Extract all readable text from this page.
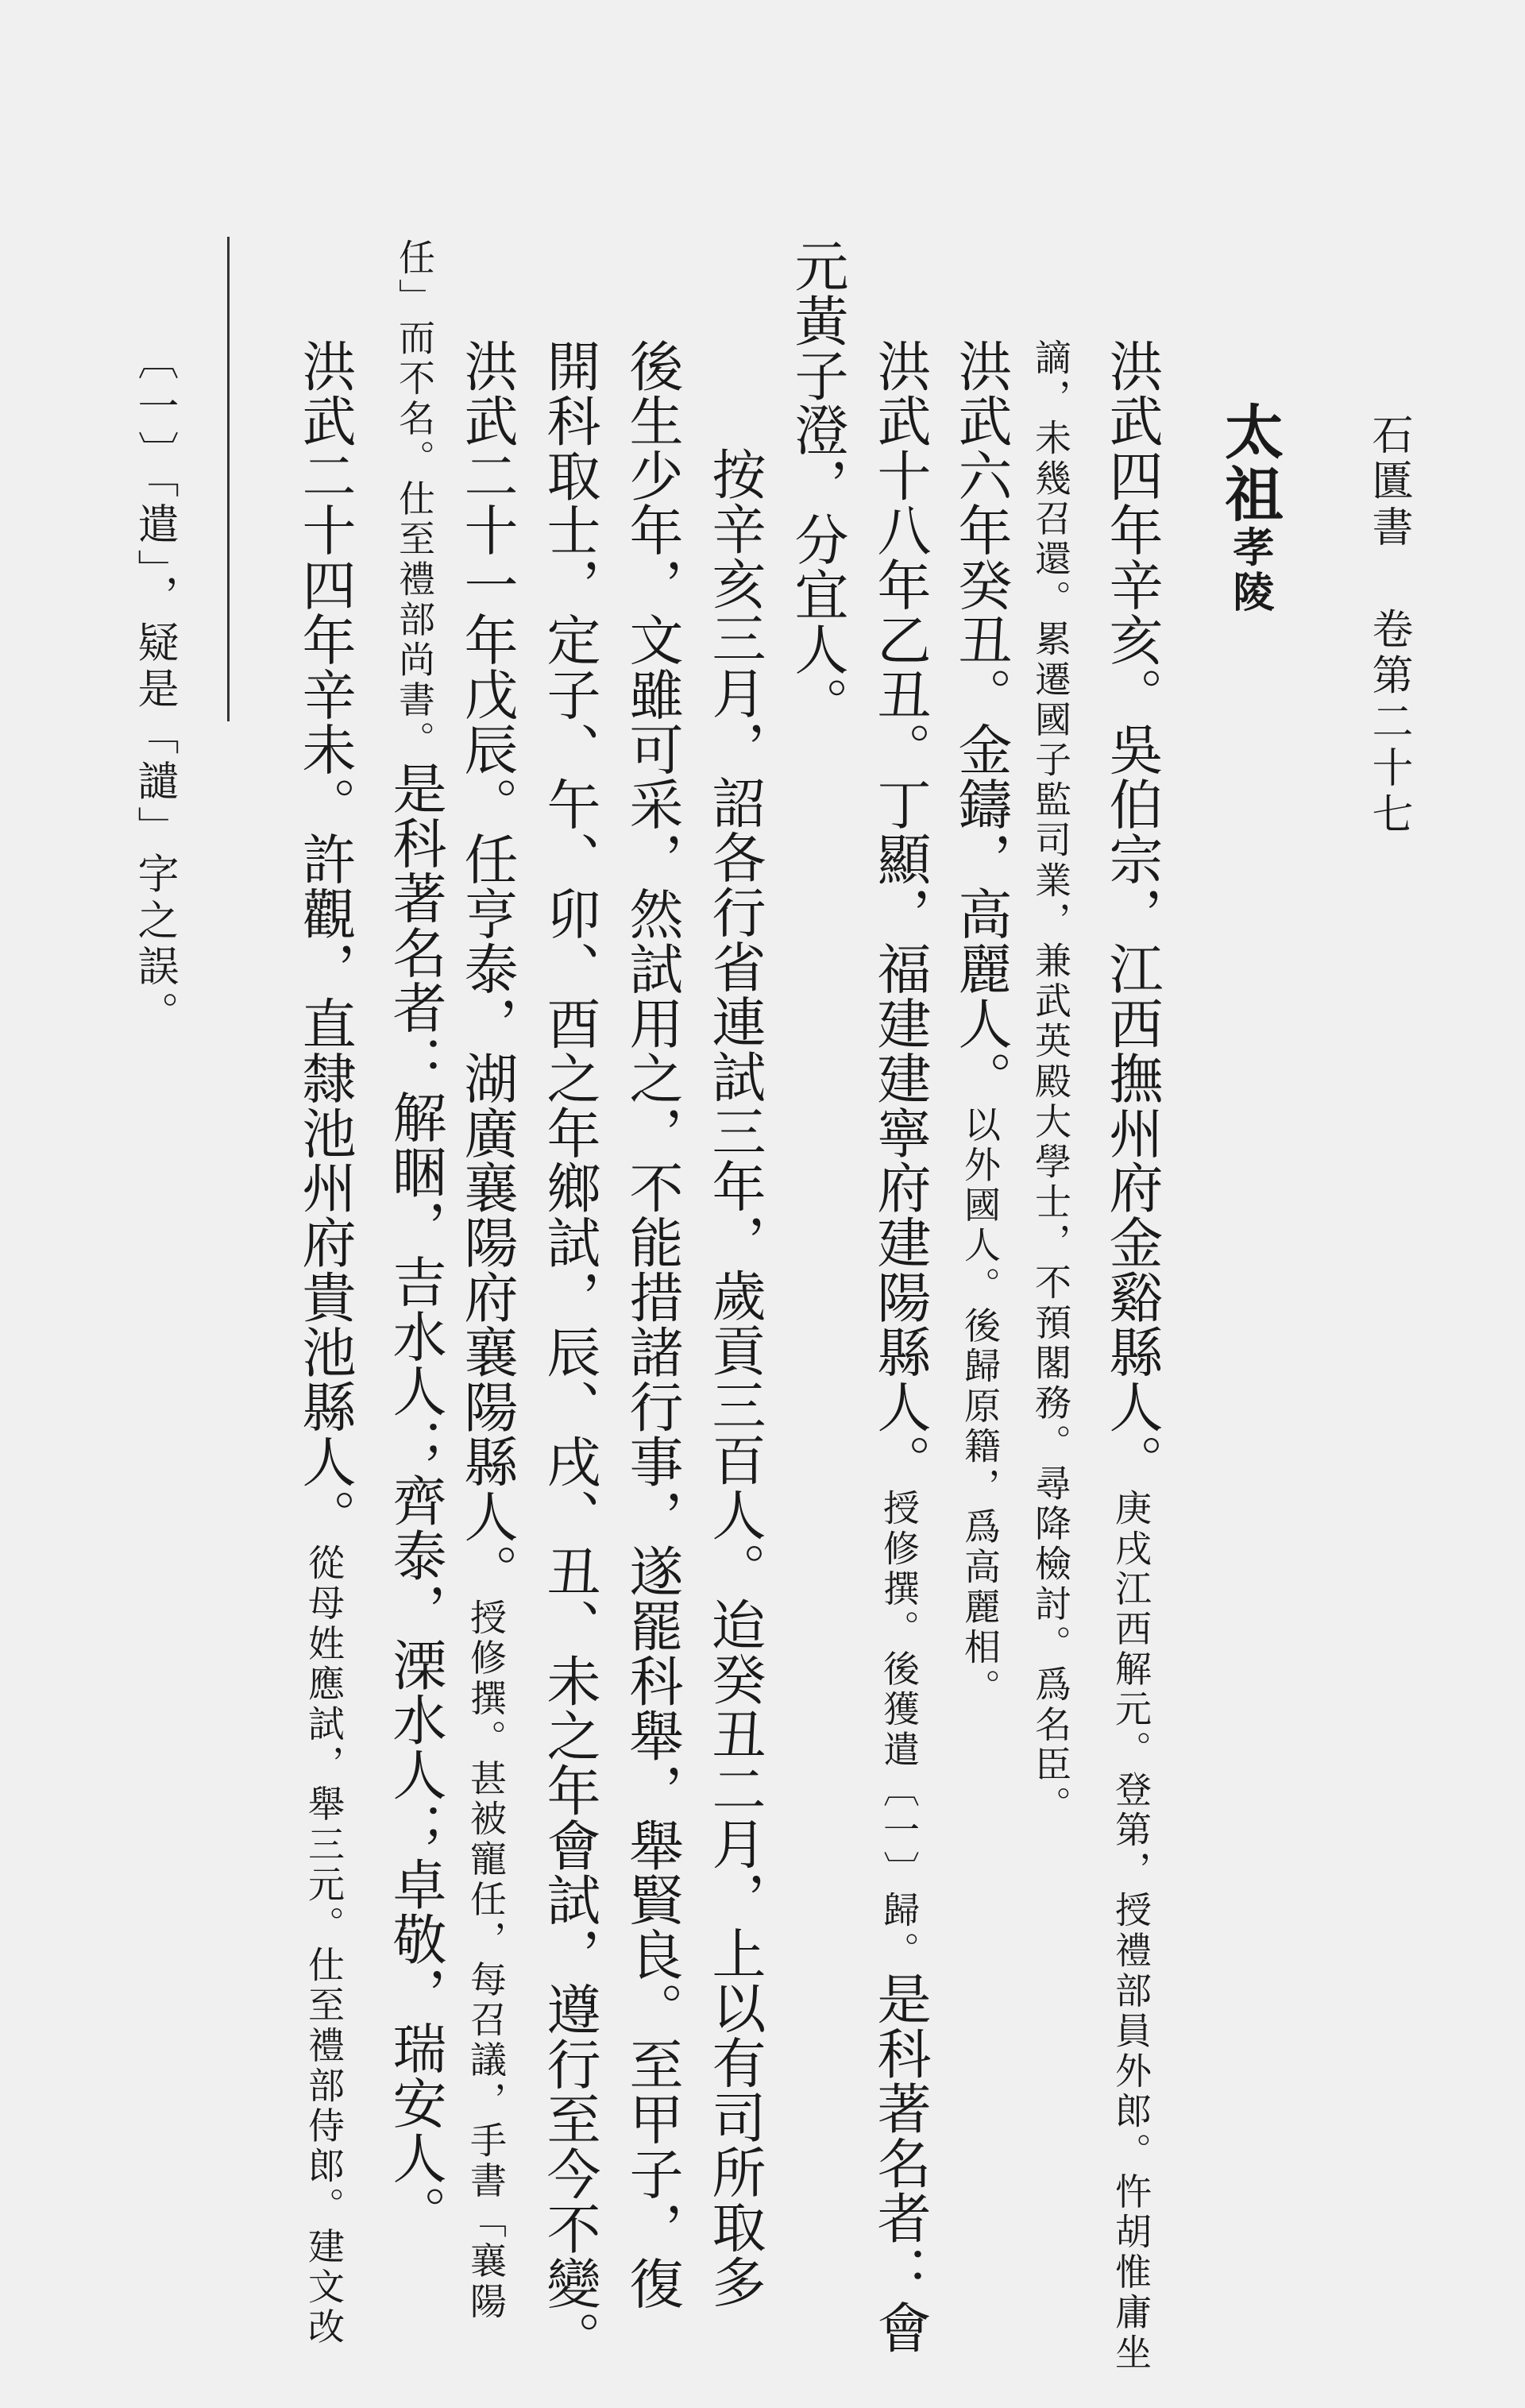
石匱書卷第二十七
太祖孝陵
洪武四年辛亥。吳伯宗，江西撫州府金谿縣人。庚戌江西解元。登第，授禮部員外郎。忤胡惟庸坐
謫，未幾召還。累遷國子監司業，兼武英殿大學士，不預閣務。尋降檢討。爲名臣。
洪武六年癸丑。金鑄，高麗人。以外國人。後歸原籍，爲高麗相。
洪武十八年乙丑。丁顯，福建建寧府建陽縣人。授修撰。後獲遣〔一〕歸。是科著名者：會
元黃子澄，分宜人。
按辛亥三月，詔各行省連試三年，歲貢三百人。迨癸丑二月，上以有司所取多
後生少年，文雖可采，然試用之，不能措諸行事，遂罷科舉，舉賢良。至甲子，復
開科取士，定子、午、卯、酉之年鄉試，辰、戌、丑、未之年會試，遵行至今不變。
洪武二十一年戊辰。任亨泰，湖廣襄陽府襄陽縣人。授修撰。甚被寵任，每召議，手書「襄陽
任」而不名。仕至禮部尚書。是科著名者：解睏，吉水人；齊泰，溧水人；卓敬，瑞安人。
洪武二十四年辛未。許觀，直隸池州府貴池縣人。從母姓應試，舉三元。仕至禮部侍郎。建文改
〔一〕「遣」，疑是「譴」字之誤。
